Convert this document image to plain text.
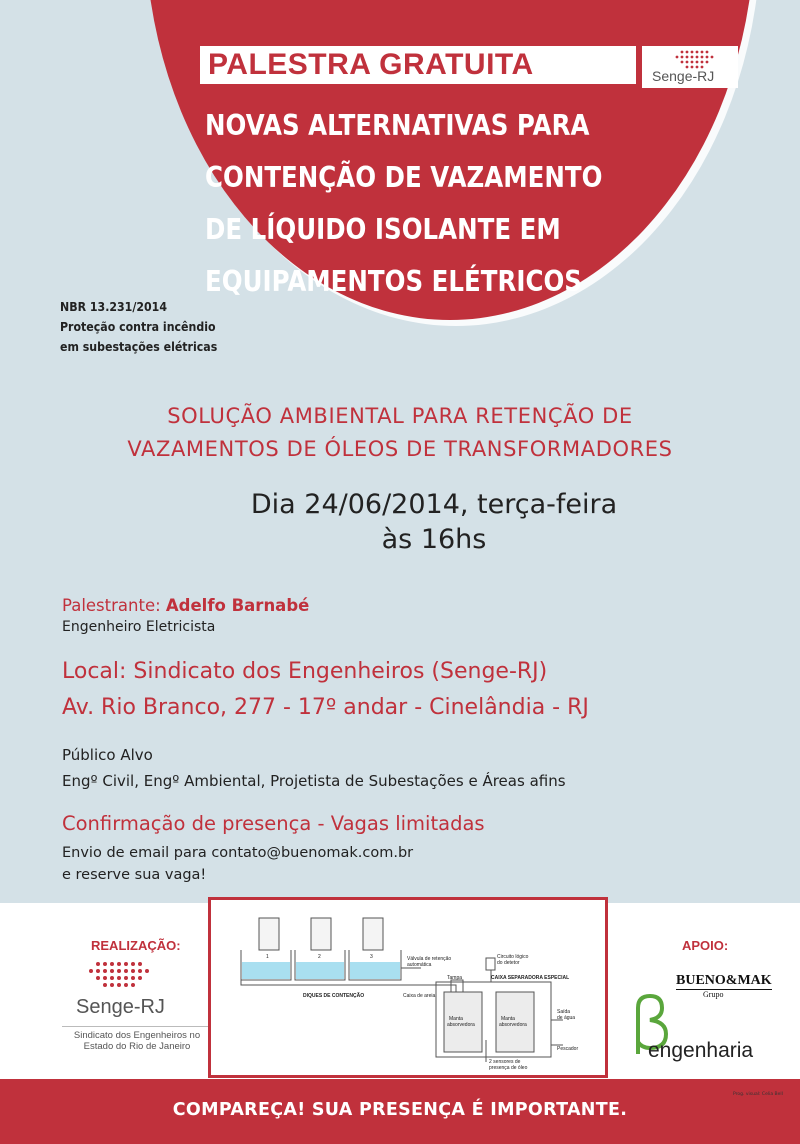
PALESTRA GRATUITA	Senge-RJ
NOVAS ALTERNATIVAS PARA
CONTENÇÃO DE VAZAMENTO
DE LÍQUIDO ISOLANTE EM
EQUIPAMENTOS ELÉTRICOS
NBR 13.231/2014
Proteção contra incêndio
em subestações elétricas
SOLUÇÃO AMBIENTAL PARA RETENÇÃO DE
VAZAMENTOS DE ÓLEOS DE TRANSFORMADORES
Dia 24/06/2014, terça-feira
às 16hs

Palestrante: Adelfo Barnabé

Engenheiro Eletricista

Local: Sindicato dos Engenheiros (Senge-RJ)
Av. Rio Branco, 277 - 17º andar - Cinelândia - RJ
Público Alvo
Engº Civil, Engº Ambiental, Projetista de Subestações e Áreas afins

Confirmação de presença - Vagas limitadas

Envio de email para contato@buenomak.com.br
e reserve sua vaga!
REALIZAÇÃO:
Senge-RJ
Sindicato dos Engenheiros no
Estado do Rio de Janeiro
APOIO:
BUENO&MAK
Grupo
engenharia
1	2	3
DIQUES DE CONTENÇÃO
Válvula de retenção
automática
Circuito lógico
do detetor
Tampa	CAIXA SEPARADORA ESPECIAL
Caixa de areia
Manta
absorvedora
Manta
absorvedora
Saída
de água
Pescador
2 sensores de
presença de óleo

COMPAREÇA! SUA PRESENÇA É IMPORTANTE.

Prog. visual: Celia Bell
